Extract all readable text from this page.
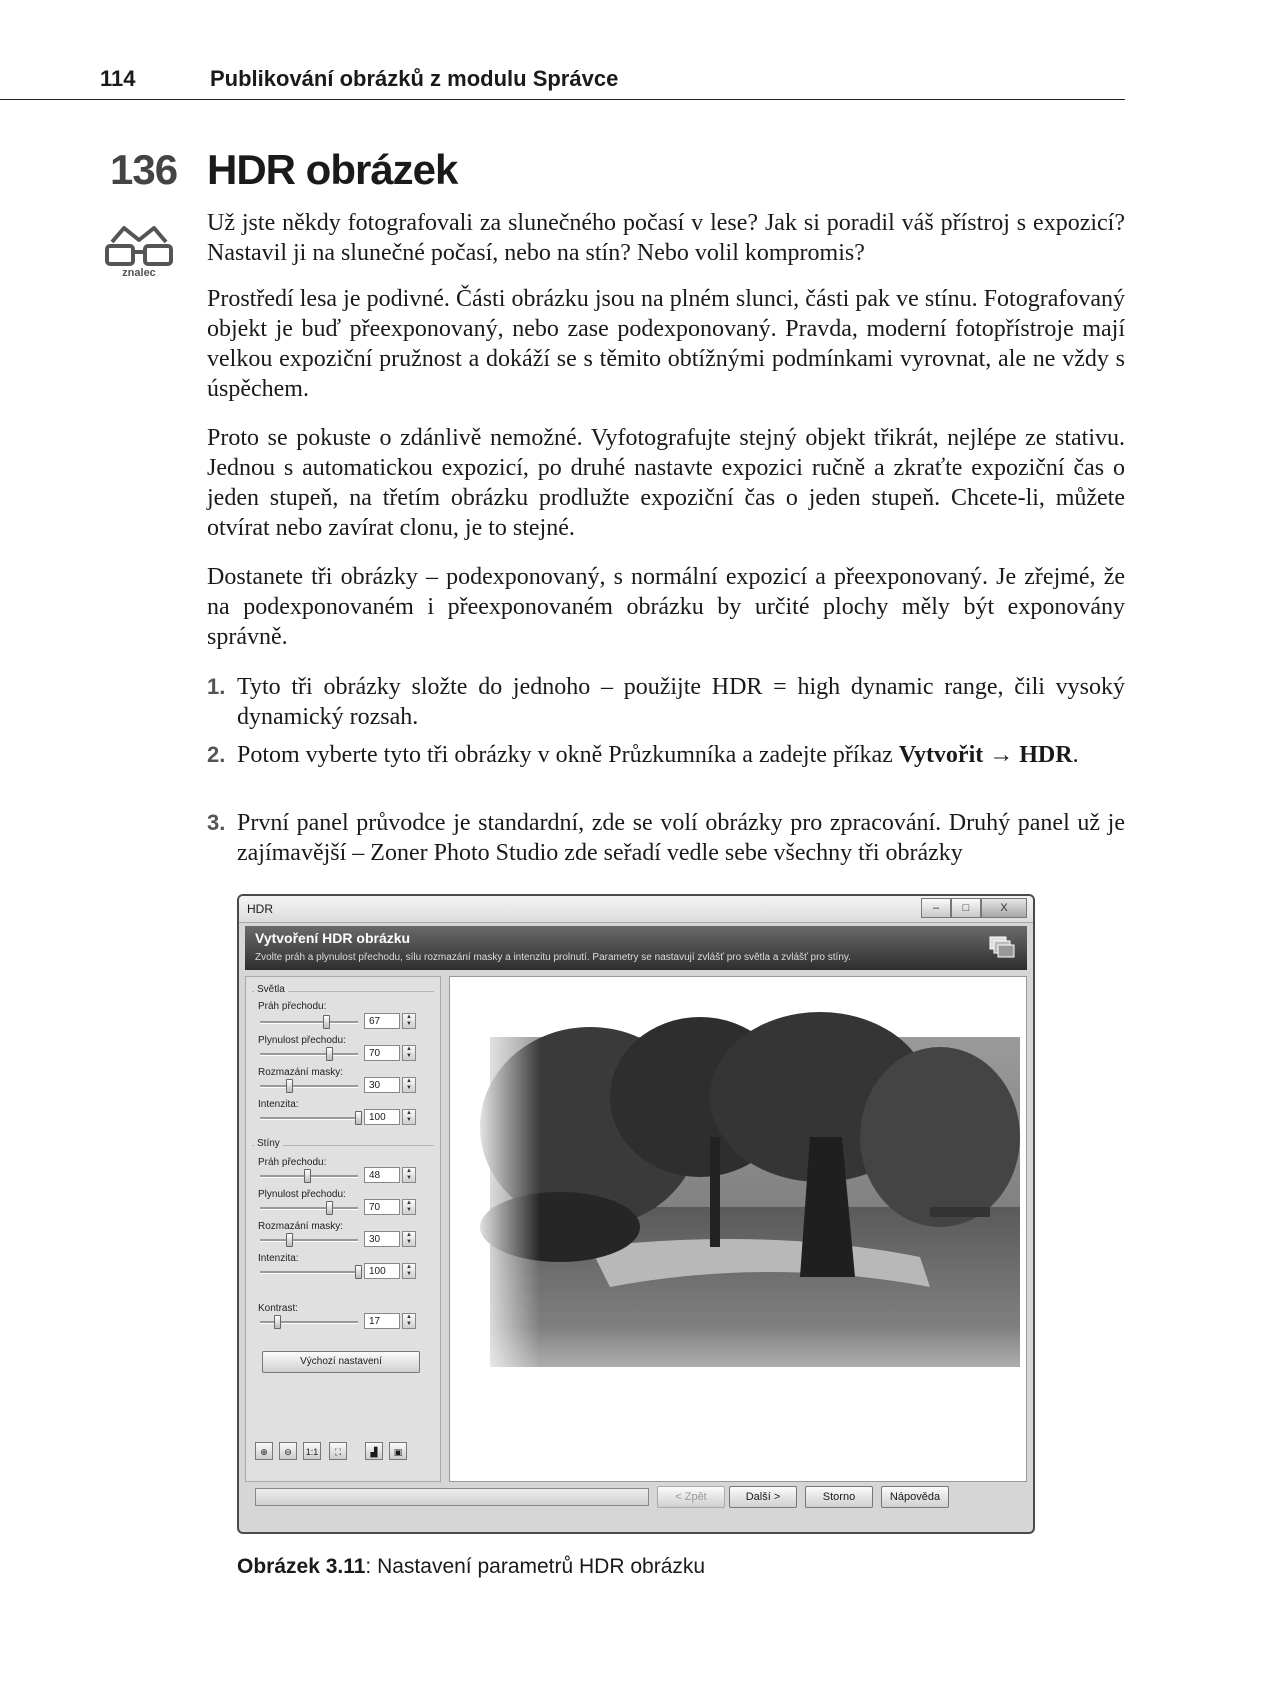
114	Publikování obrázků z modulu Správce
136 HDR obrázek
znalec

Už jste někdy fotografovali za slunečného počasí v lese? Jak si poradil váš přístroj s expozicí? Nastavil ji na slunečné počasí, nebo na stín? Nebo volil kompromis?

Prostředí lesa je podivné. Části obrázku jsou na plném slunci, části pak ve stínu. Fotografovaný objekt je buď přeexponovaný, nebo zase podexponovaný. Pravda, moderní fotopřístroje mají velkou expoziční pružnost a dokáží se s těmito obtížnými podmínkami vyrovnat, ale ne vždy s úspěchem.

Proto se pokuste o zdánlivě nemožné. Vyfotografujte stejný objekt třikrát, nejlépe ze stativu. Jednou s automatickou expozicí, po druhé nastavte expozici ručně a zkraťte expoziční čas o jeden stupeň, na třetím obrázku prodlužte expoziční čas o jeden stupeň. Chcete-li, můžete otvírat nebo zavírat clonu, je to stejné.

Dostanete tři obrázky – podexponovaný, s normální expozicí a přeexponovaný. Je zřejmé, že na podexponovaném i přeexponovaném obrázku by určité plochy měly být exponovány správně.

1. Tyto tři obrázky složte do jednoho – použijte HDR = high dynamic range, čili vysoký dynamický rozsah.
2. Potom vyberte tyto tři obrázky v okně Průzkumníka a zadejte příkaz Vytvořit → HDR.
3. První panel průvodce je standardní, zde se volí obrázky pro zpracování. Druhý panel už je zajímavější – Zoner Photo Studio zde seřadí vedle sebe všechny tři obrázky
HDR	–	□	X
Vytvoření HDR obrázku
Zvolte práh a plynulost přechodu, sílu rozmazání masky a intenzitu prolnutí. Parametry se nastavují zvlášť pro světla a zvlášť pro stíny.
Světla
Práh přechodu:
67	▲
▼
Plynulost přechodu:
70	▲
▼
Rozmazání masky:
30	▲
▼
Intenzita:
100	▲
▼
Stíny
Práh přechodu:
48	▲
▼
Plynulost přechodu:
70	▲
▼
Rozmazání masky:
30	▲
▼
Intenzita:
100	▲
▼
Kontrast:
17	▲
▼
Výchozí nastavení
⊕	⊖	1:1	⛶	▟	▣
< Zpět	Další >	Storno	Nápověda
Obrázek 3.11: Nastavení parametrů HDR obrázku
